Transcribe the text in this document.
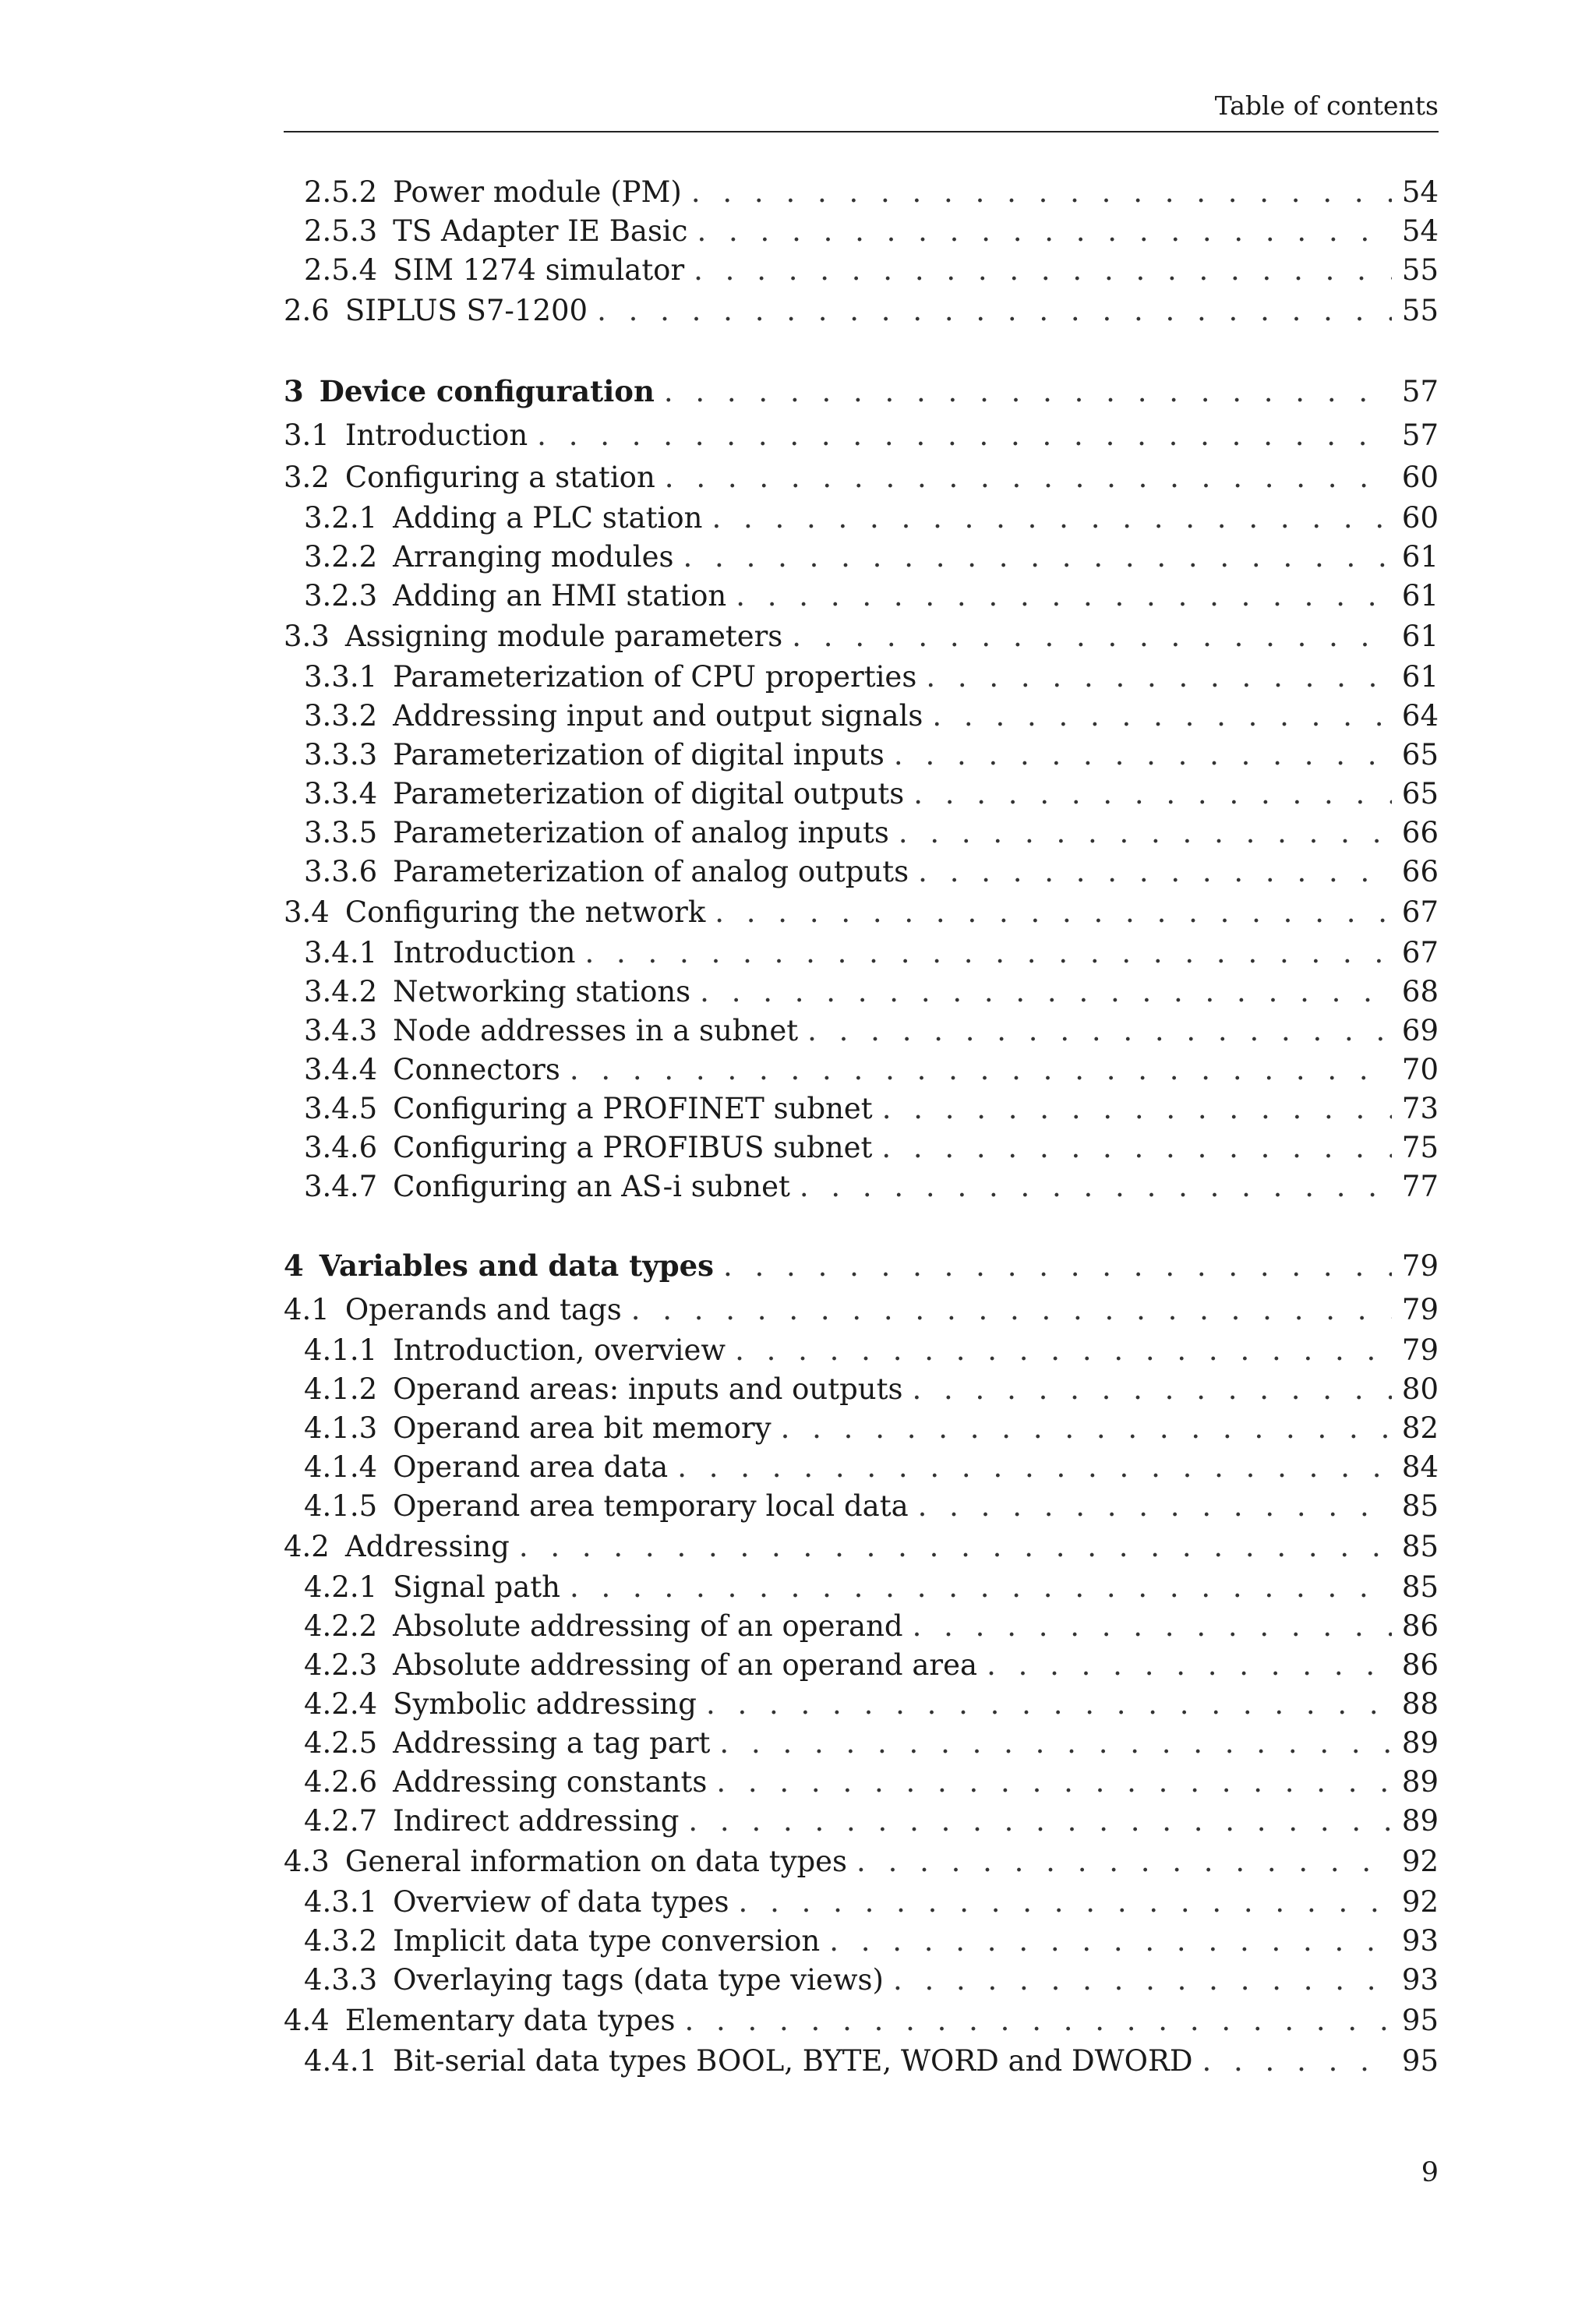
Table of contents
2.5.2 Power module (PM) . . .	54
2.5.3 TS Adapter IE Basic . . .	54
2.5.4 SIM 1274 simulator . . .	55
2.6 SIPLUS S7-1200 . . .	55
3 Device configuration . . .	57
3.1 Introduction . . .	57
3.2 Configuring a station . . .	60
3.2.1 Adding a PLC station . . .	60
3.2.2 Arranging modules . . .	61
3.2.3 Adding an HMI station . . .	61
3.3 Assigning module parameters . . .	61
3.3.1 Parameterization of CPU properties . . .	61
3.3.2 Addressing input and output signals . . .	64
3.3.3 Parameterization of digital inputs . . .	65
3.3.4 Parameterization of digital outputs . . .	65
3.3.5 Parameterization of analog inputs . . .	66
3.3.6 Parameterization of analog outputs . . .	66
3.4 Configuring the network . . .	67
3.4.1 Introduction . . .	67
3.4.2 Networking stations . . .	68
3.4.3 Node addresses in a subnet . . .	69
3.4.4 Connectors . . .	70
3.4.5 Configuring a PROFINET subnet . . .	73
3.4.6 Configuring a PROFIBUS subnet . . .	75
3.4.7 Configuring an AS-i subnet . . .	77
4 Variables and data types . . .	79
4.1 Operands and tags . . .	79
4.1.1 Introduction, overview . . .	79
4.1.2 Operand areas: inputs and outputs . . .	80
4.1.3 Operand area bit memory . . .	82
4.1.4 Operand area data . . .	84
4.1.5 Operand area temporary local data . . .	85
4.2 Addressing . . .	85
4.2.1 Signal path . . .	85
4.2.2 Absolute addressing of an operand . . .	86
4.2.3 Absolute addressing of an operand area . . .	86
4.2.4 Symbolic addressing . . .	88
4.2.5 Addressing a tag part . . .	89
4.2.6 Addressing constants . . .	89
4.2.7 Indirect addressing . . .	89
4.3 General information on data types . . .	92
4.3.1 Overview of data types . . .	92
4.3.2 Implicit data type conversion . . .	93
4.3.3 Overlaying tags (data type views) . . .	93
4.4 Elementary data types . . .	95
4.4.1 Bit-serial data types BOOL, BYTE, WORD and DWORD . . .	95
9
